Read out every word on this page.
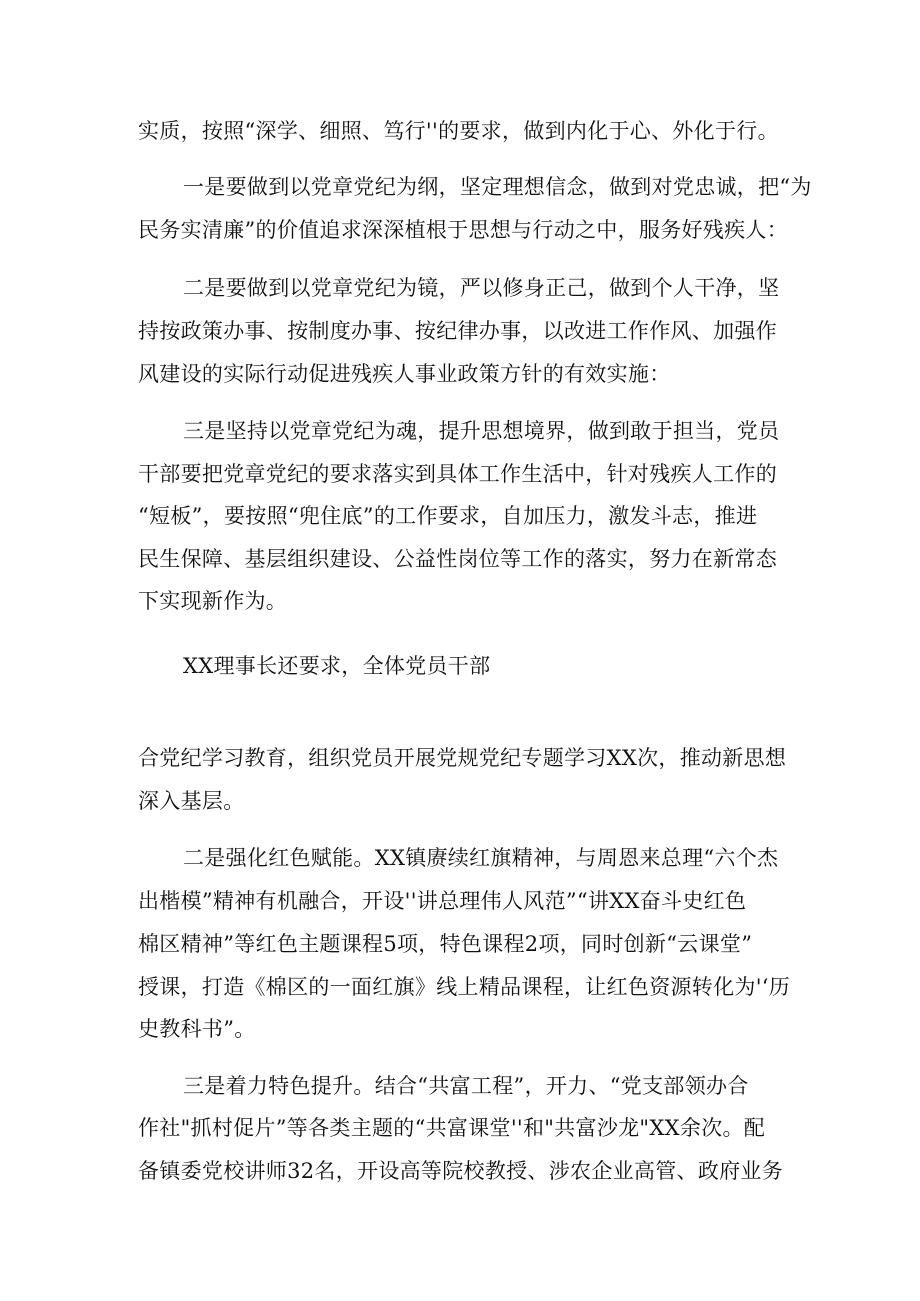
实质，按照“深学、细照、笃行''的要求，做到内化于心、外化于行。
一是要做到以党章党纪为纲，坚定理想信念，做到对党忠诚，把“为
民务实清廉”的价值追求深深植根于思想与行动之中，服务好残疾人：
二是要做到以党章党纪为镜，严以修身正己，做到个人干净，坚
持按政策办事、按制度办事、按纪律办事，以改进工作作风、加强作
风建设的实际行动促进残疾人事业政策方针的有效实施：
三是坚持以党章党纪为魂，提升思想境界，做到敢于担当，党员
干部要把党章党纪的要求落实到具体工作生活中，针对残疾人工作的
“短板”，要按照“兜住底”的工作要求，自加压力，激发斗志，推进
民生保障、基层组织建设、公益性岗位等工作的落实，努力在新常态
下实现新作为。
XX理事长还要求，全体党员干部
合党纪学习教育，组织党员开展党规党纪专题学习XX次，推动新思想
深入基层。
二是强化红色赋能。XX镇赓续红旗精神，与周恩来总理“六个杰
出楷模”精神有机融合，开设''讲总理伟人风范”“讲XX奋斗史红色
棉区精神”等红色主题课程5项，特色课程2项，同时创新“云课堂”
授课，打造《棉区的一面红旗》线上精品课程，让红色资源转化为'‘历
史教科书”。
三是着力特色提升。结合“共富工程”，开力、“党支部领办合
作社"抓村促片”等各类主题的“共富课堂''和"共富沙龙"XX余次。配
备镇委党校讲师32名，开设高等院校教授、涉农企业高管、政府业务
